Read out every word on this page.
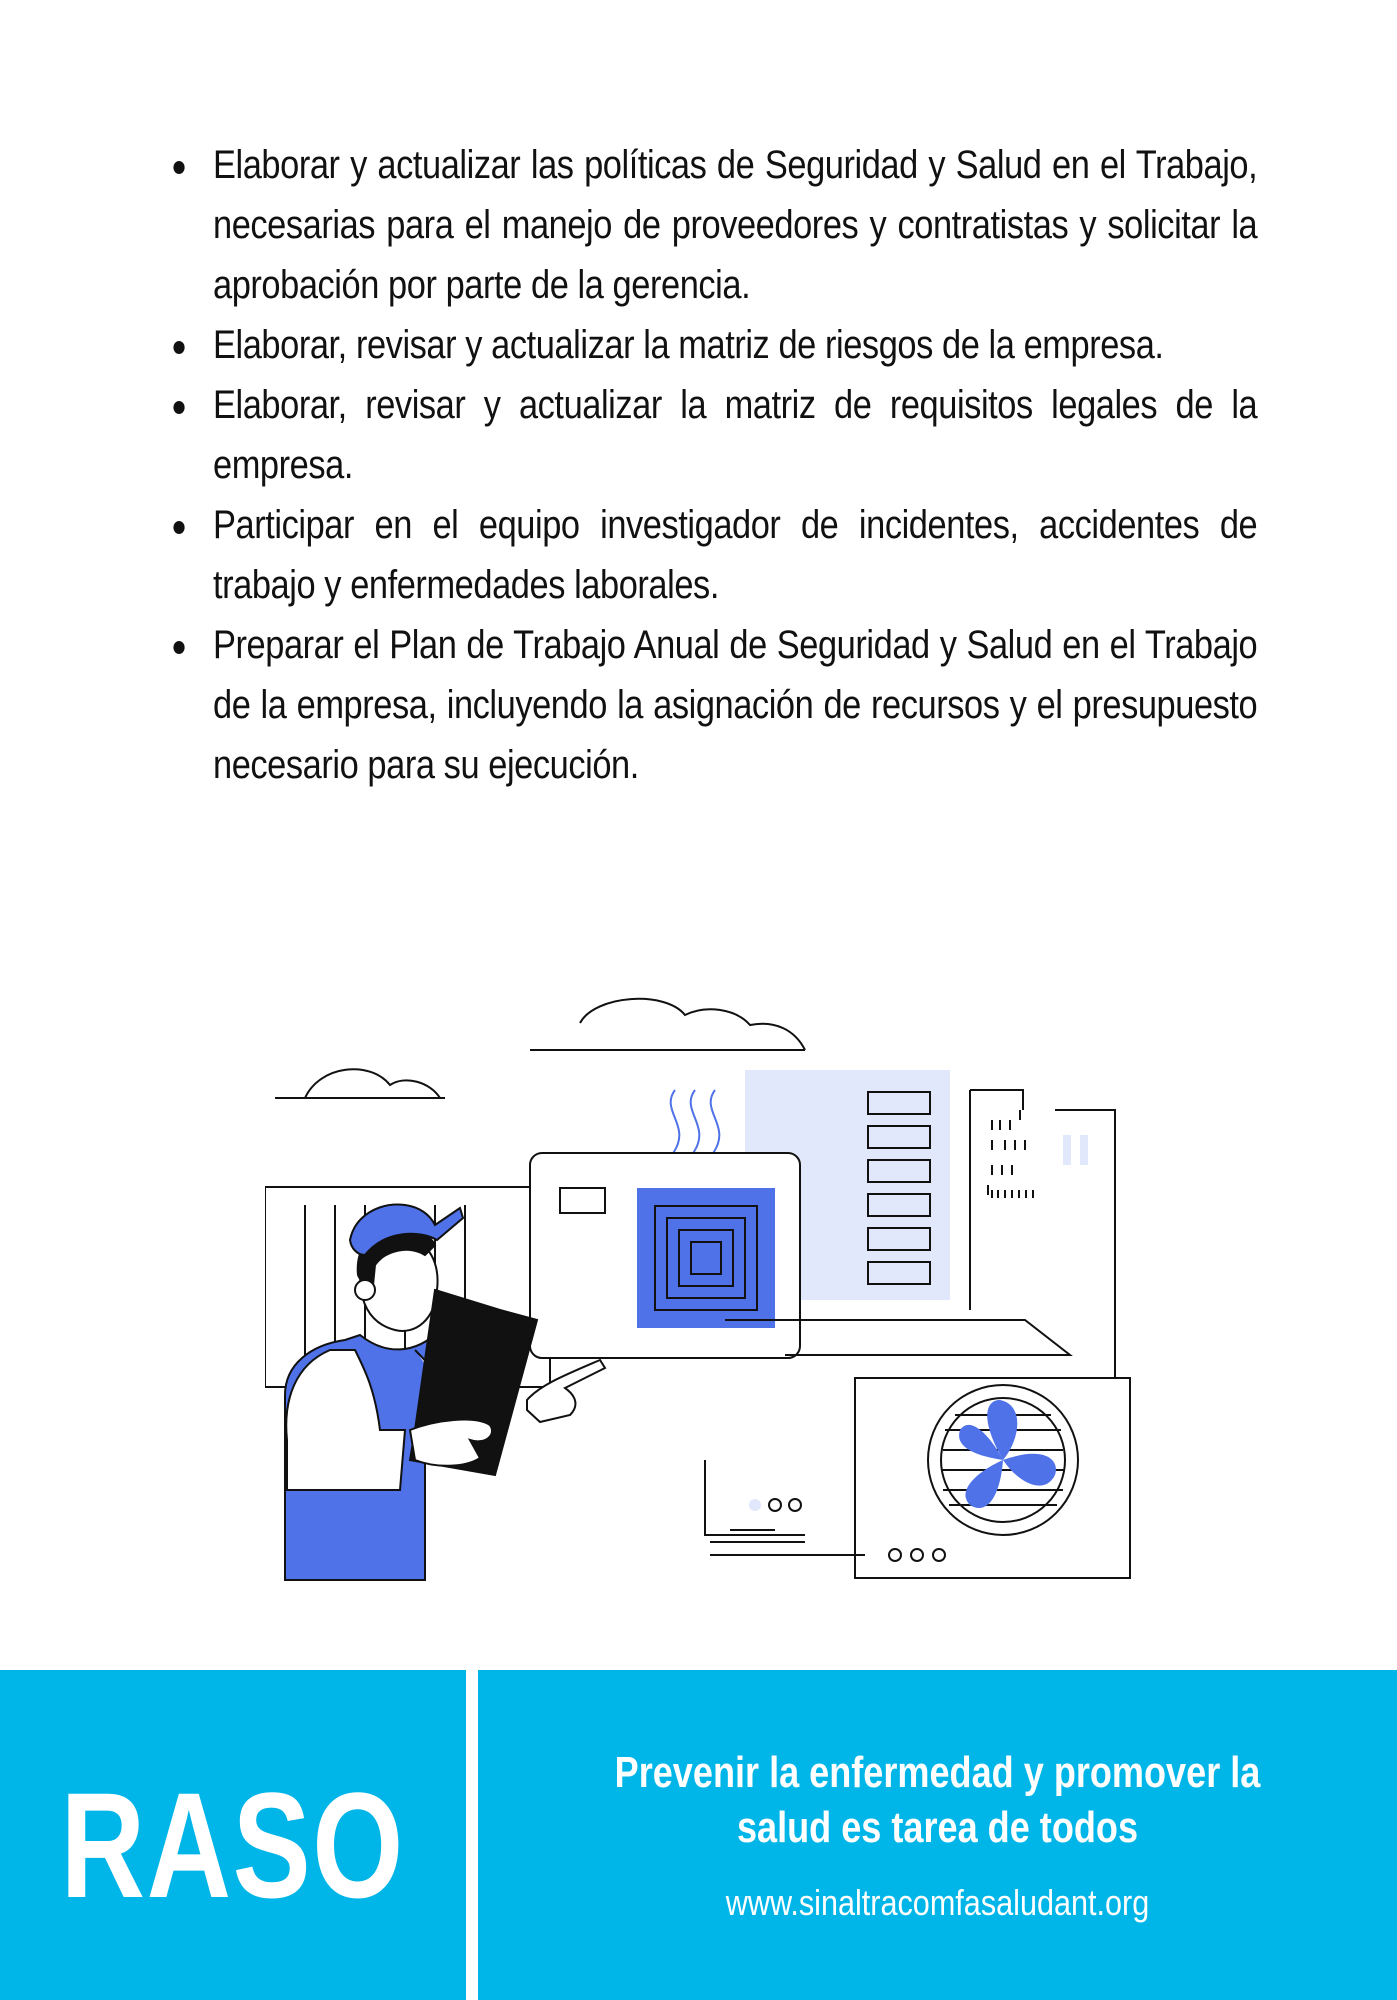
Elaborar y actualizar las políticas de Seguridad y Salud en el Trabajo, necesarias para el manejo de proveedores y contratistas y solicitar la aprobación por parte de la gerencia.
Elaborar, revisar y actualizar la matriz de riesgos de la empresa.
Elaborar, revisar y actualizar la matriz de requisitos legales de la empresa.
Participar en el equipo investigador de incidentes, accidentes de trabajo y enfermedades laborales.
Preparar el Plan de Trabajo Anual de Seguridad y Salud en el Trabajo de la empresa, incluyendo la asignación de recursos y el presupuesto necesario para su ejecución.
RASO	Prevenir la enfermedad y promover la
salud es tarea de todos
www.sinaltracomfasaludant.org
